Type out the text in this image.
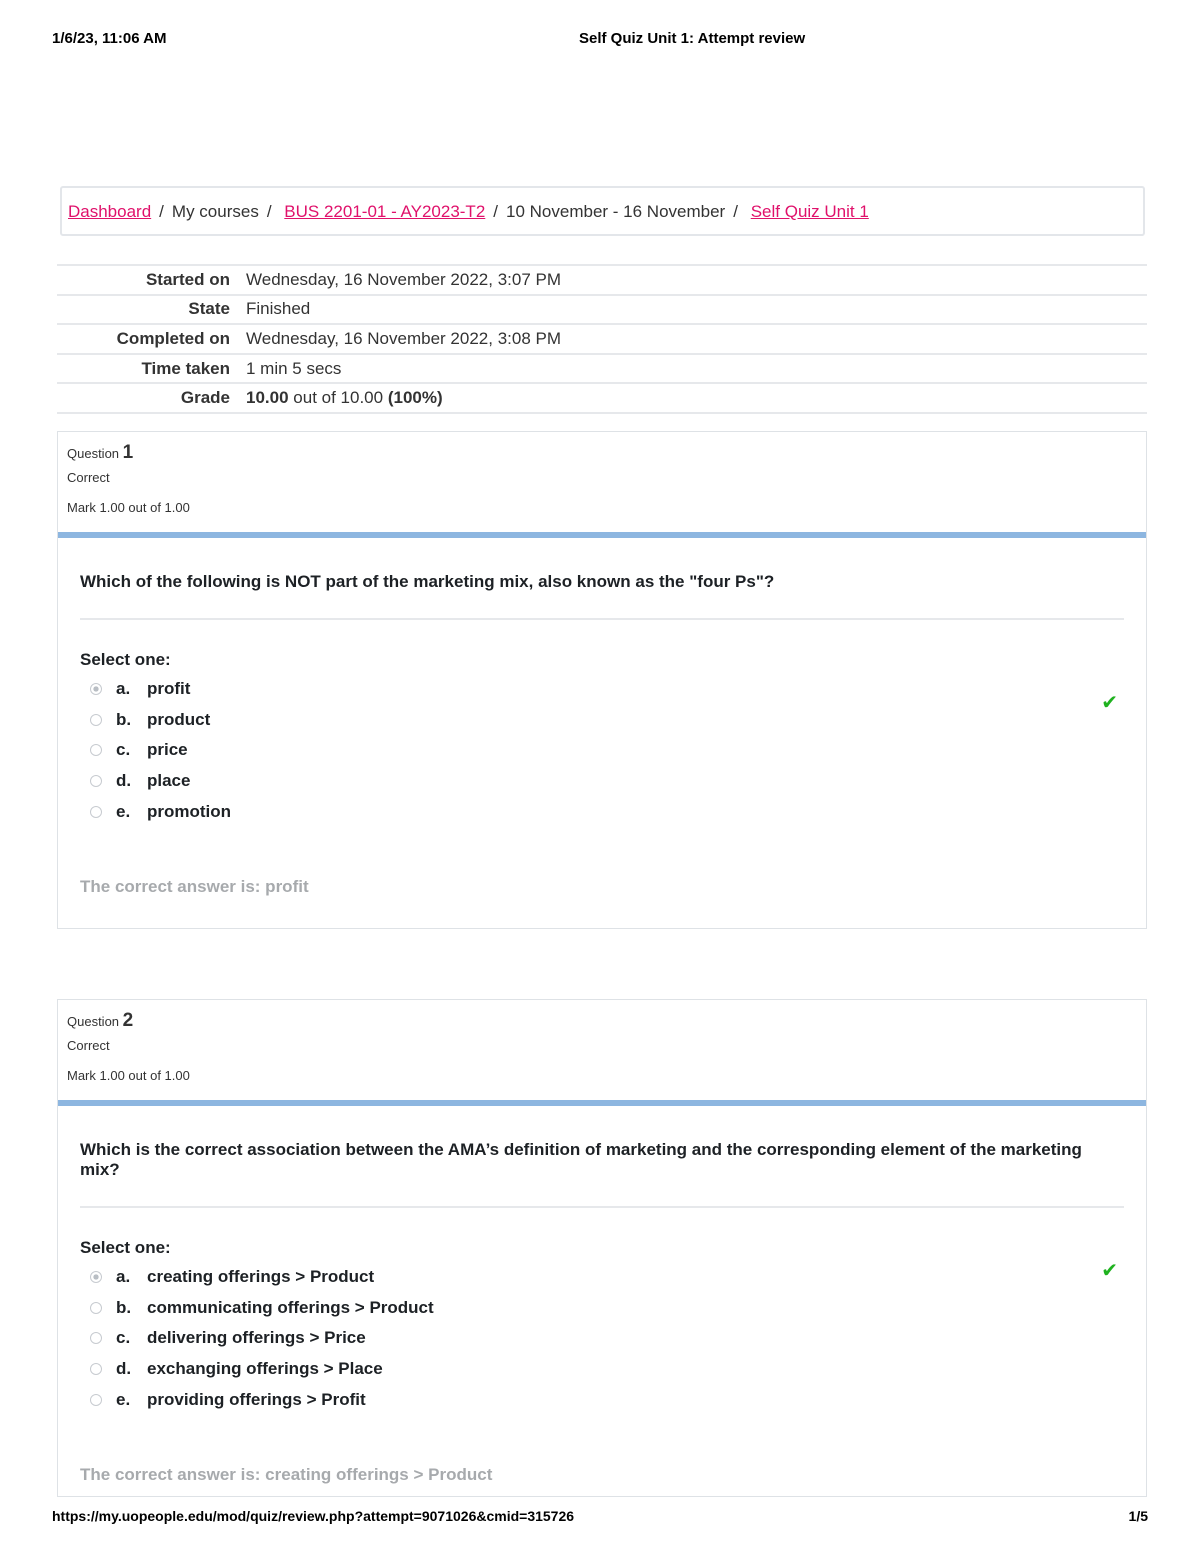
1/6/23, 11:06 AM	Self Quiz Unit 1: Attempt review
Dashboard / My courses / BUS 2201-01 - AY2023-T2 / 10 November - 16 November / Self Quiz Unit 1
Started on	Wednesday, 16 November 2022, 3:07 PM
State	Finished
Completed on	Wednesday, 16 November 2022, 3:08 PM
Time taken	1 min 5 secs
Grade	10.00 out of 10.00 (100%)
Question 1
Correct
Mark 1.00 out of 1.00
Which of the following is NOT part of the marketing mix, also known as the "four Ps"?
Select one:
✔
a. profit
b. product
c. price
d. place
e. promotion
The correct answer is: profit
Question 2
Correct
Mark 1.00 out of 1.00
Which is the correct association between the AMA’s definition of marketing and the corresponding element of the marketing mix?
Select one:
✔
a. creating offerings > Product
b. communicating offerings > Product
c. delivering offerings > Price
d. exchanging offerings > Place
e. providing offerings > Profit
The correct answer is: creating offerings > Product
https://my.uopeople.edu/mod/quiz/review.php?attempt=9071026&cmid=315726	1/5
